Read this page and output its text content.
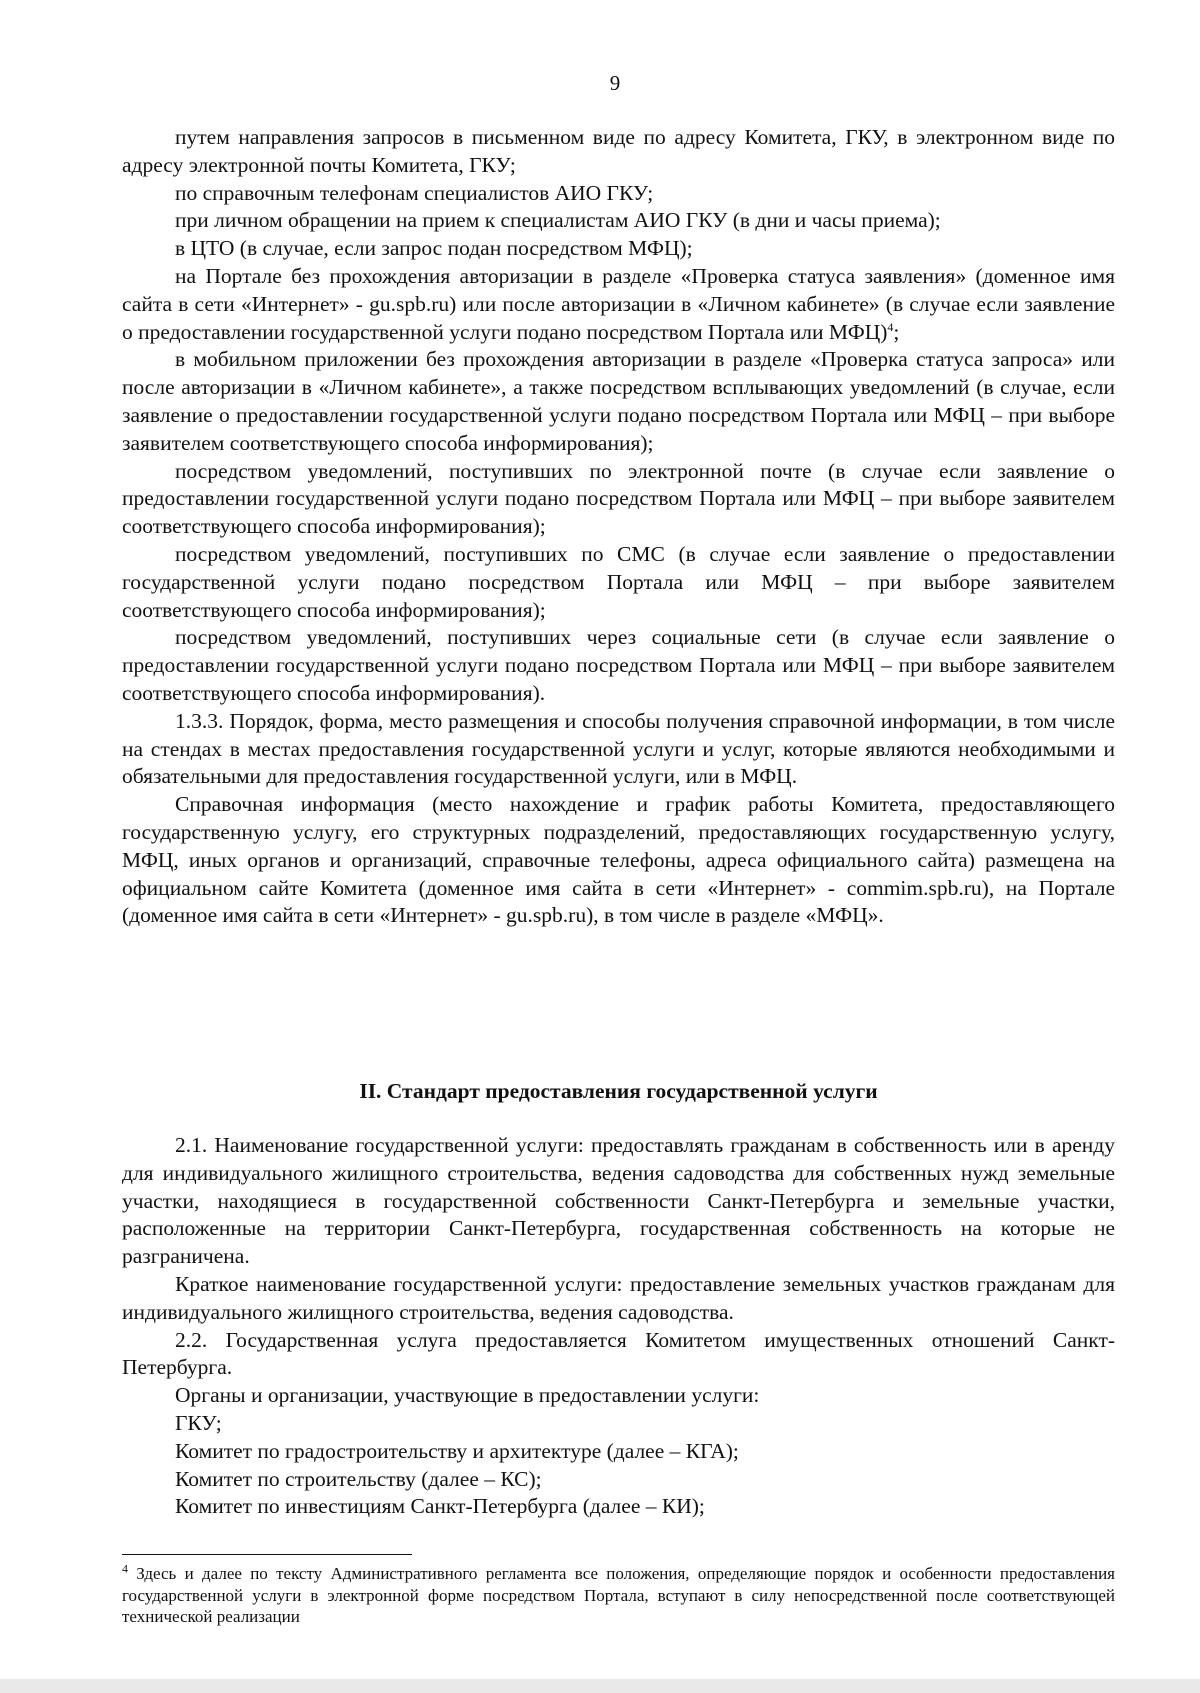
9

путем направления запросов в письменном виде по адресу Комитета, ГКУ, в электронном виде по адресу электронной почты Комитета, ГКУ;

по справочным телефонам специалистов АИО ГКУ;

при личном обращении на прием к специалистам АИО ГКУ (в дни и часы приема);

в ЦТО (в случае, если запрос подан посредством МФЦ);

на Портале без прохождения авторизации в разделе «Проверка статуса заявления» (доменное имя сайта в сети «Интернет» - gu.spb.ru) или после авторизации в «Личном кабинете» (в случае если заявление о предоставлении государственной услуги подано посредством Портала или МФЦ)$^4$;

в мобильном приложении без прохождения авторизации в разделе «Проверка статуса запроса» или после авторизации в «Личном кабинете», а также посредством всплывающих уведомлений (в случае, если заявление о предоставлении государственной услуги подано посредством Портала или МФЦ – при выборе заявителем соответствующего способа информирования);

посредством уведомлений, поступивших по электронной почте (в случае если заявление о предоставлении государственной услуги подано посредством Портала или МФЦ – при выборе заявителем соответствующего способа информирования);

посредством уведомлений, поступивших по СМС (в случае если заявление о предоставлении государственной услуги подано посредством Портала или МФЦ – при выборе заявителем соответствующего способа информирования);

посредством уведомлений, поступивших через социальные сети (в случае если заявление о предоставлении государственной услуги подано посредством Портала или МФЦ – при выборе заявителем соответствующего способа информирования).

1.3.3. Порядок, форма, место размещения и способы получения справочной информации, в том числе на стендах в местах предоставления государственной услуги и услуг, которые являются необходимыми и обязательными для предоставления государственной услуги, или в МФЦ.

Справочная информация (место нахождение и график работы Комитета, предоставляющего государственную услугу, его структурных подразделений, предоставляющих государственную услугу, МФЦ, иных органов и организаций, справочные телефоны, адреса официального сайта) размещена на официальном сайте Комитета (доменное имя сайта в сети «Интернет» - commim.spb.ru), на Портале (доменное имя сайта в сети «Интернет» - gu.spb.ru), в том числе в разделе «МФЦ».

II. Стандарт предоставления государственной услуги

2.1. Наименование государственной услуги: предоставлять гражданам в собственность или в аренду для индивидуального жилищного строительства, ведения садоводства для собственных нужд земельные участки, находящиеся в государственной собственности Санкт-Петербурга и земельные участки, расположенные на территории Санкт-Петербурга, государственная собственность на которые не разграничена.

Краткое наименование государственной услуги: предоставление земельных участков гражданам для индивидуального жилищного строительства, ведения садоводства.

2.2. Государственная услуга предоставляется Комитетом имущественных отношений Санкт-Петербурга.

Органы и организации, участвующие в предоставлении услуги:

ГКУ;

Комитет по градостроительству и архитектуре (далее – КГА);

Комитет по строительству (далее – КС);

Комитет по инвестициям Санкт-Петербурга (далее – КИ);

$^4$ Здесь и далее по тексту Административного регламента все положения, определяющие порядок и особенности предоставления государственной услуги в электронной форме посредством Портала, вступают в силу непосредственной после соответствующей технической реализации
